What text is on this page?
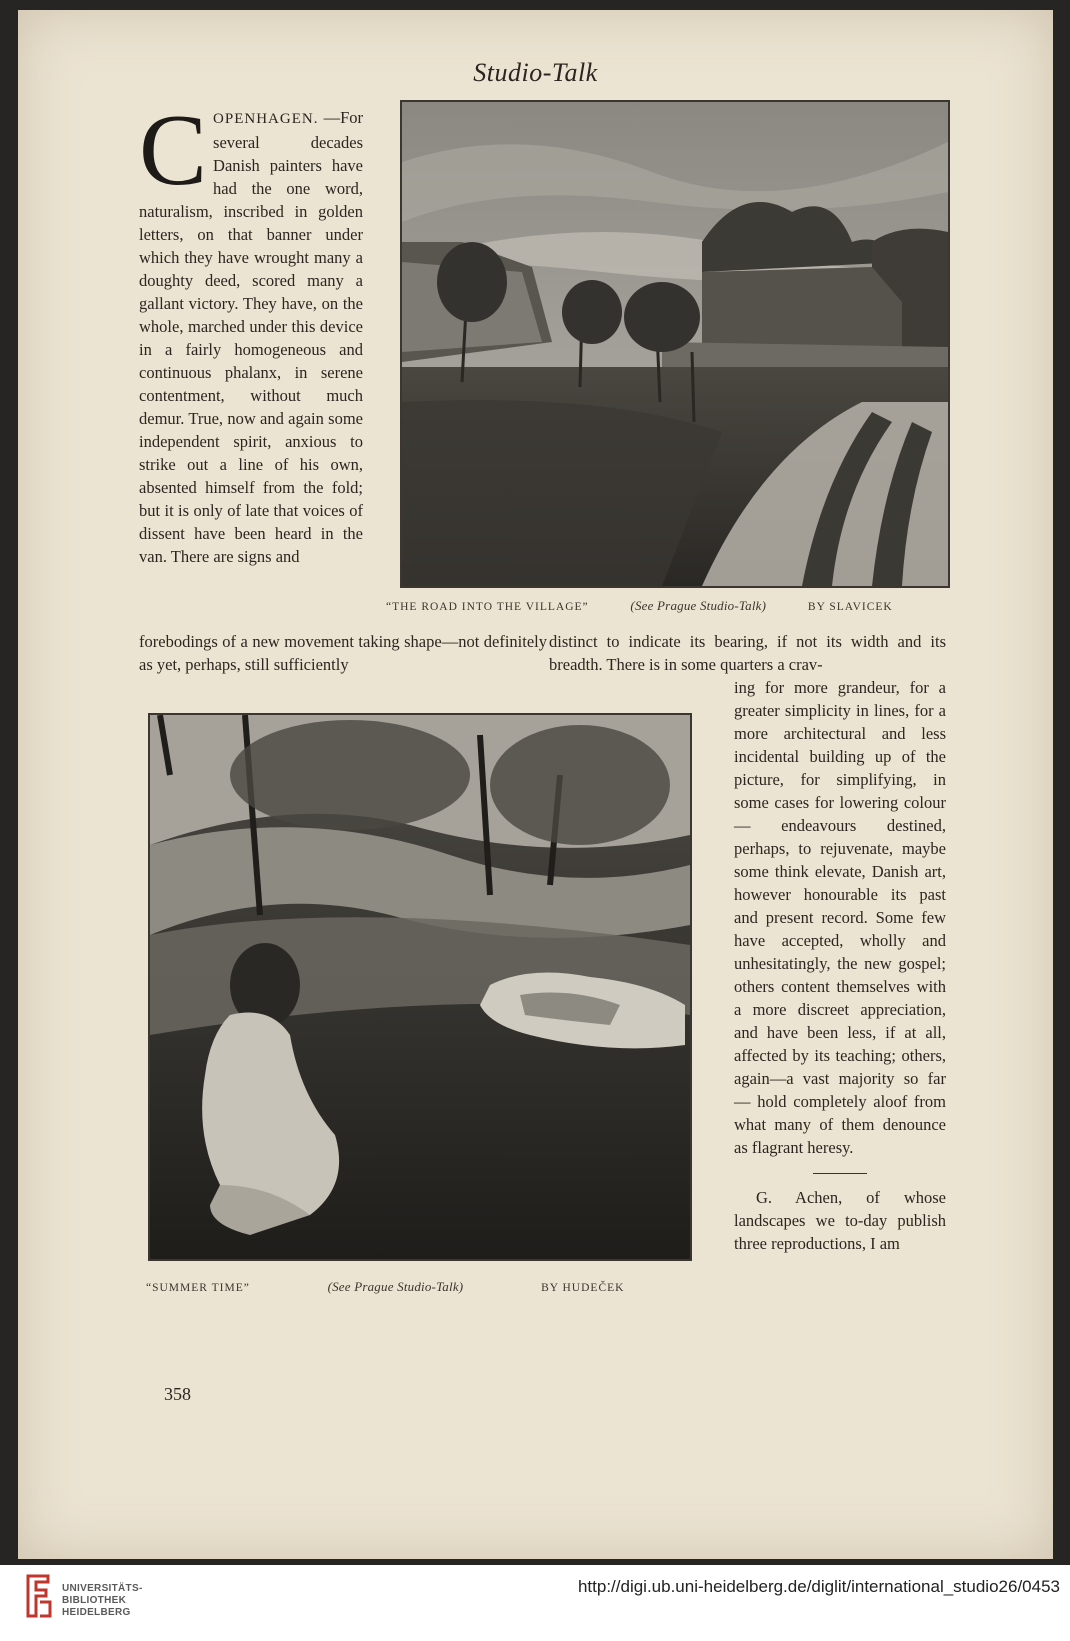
Studio-Talk

COPENHAGEN. —For several decades Danish painters have had the one word, naturalism, inscribed in golden letters, on that banner under which they have wrought many a doughty deed, scored many a gallant victory. They have, on the whole, marched under this device in a fairly homogeneous and continuous phalanx, in serene contentment, without much demur. True, now and again some independent spirit, anxious to strike out a line of his own, absented himself from the fold; but it is only of late that voices of dissent have been heard in the van. There are signs and

“THE ROAD INTO THE VILLAGE”	(See Prague Studio-Talk)	BY SLAVICEK

forebodings of a new movement taking shape—not definitely as yet, perhaps, still sufficiently

distinct to indicate its bearing, if not its width and its breadth. There is in some quarters a crav-

“SUMMER TIME”	(See Prague Studio-Talk)	BY HUDEČEK

ing for more grandeur, for a greater simplicity in lines, for a more architectural and less incidental building up of the picture, for simplifying, in some cases for lowering colour — endeavours destined, perhaps, to rejuvenate, maybe some think elevate, Danish art, however honourable its past and present record. Some few have accepted, wholly and unhesitatingly, the new gospel; others content themselves with a more discreet appreciation, and have been less, if at all, affected by its teaching; others, again—a vast majority so far — hold completely aloof from what many of them denounce as flagrant heresy.

G. Achen, of whose landscapes we to-day publish three reproductions, I am

358
UNIVERSITÄTS-
BIBLIOTHEK
HEIDELBERG
http://digi.ub.uni-heidelberg.de/diglit/international_studio26/0453
